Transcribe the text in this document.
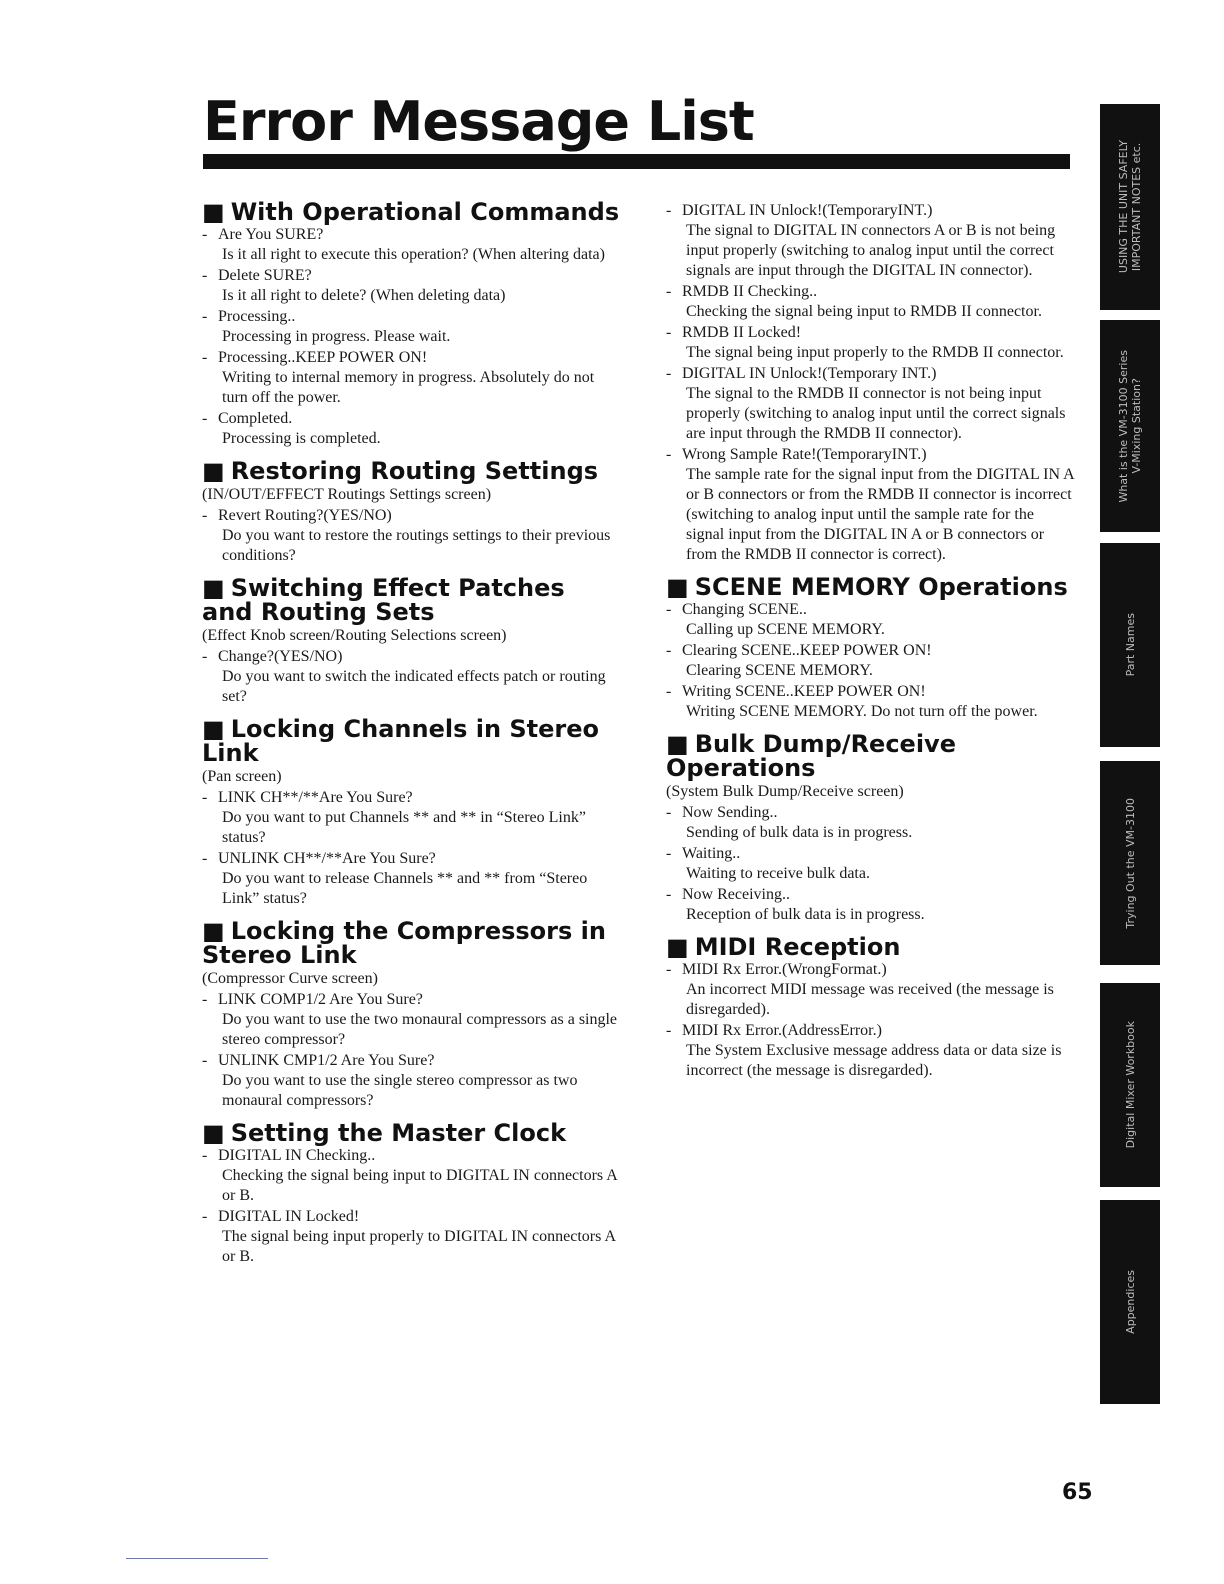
Error Message List
■ With Operational Commands
- Are You SURE?
Is it all right to execute this operation? (When altering data)
- Delete SURE?
Is it all right to delete? (When deleting data)
- Processing..
Processing in progress. Please wait.
- Processing..KEEP POWER ON!
Writing to internal memory in progress. Absolutely do not turn off the power.
- Completed.
Processing is completed.
■ Restoring Routing Settings
(IN/OUT/EFFECT Routings Settings screen)
- Revert Routing?(YES/NO)
Do you want to restore the routings settings to their previous conditions?
■ Switching Effect Patches and Routing Sets
(Effect Knob screen/Routing Selections screen)
- Change?(YES/NO)
Do you want to switch the indicated effects patch or routing set?
■ Locking Channels in Stereo Link
(Pan screen)
- LINK CH**/**Are You Sure?
Do you want to put Channels ** and ** in “Stereo Link” status?
- UNLINK CH**/**Are You Sure?
Do you want to release Channels ** and ** from “Stereo Link” status?
■ Locking the Compressors in Stereo Link
(Compressor Curve screen)
- LINK COMP1/2 Are You Sure?
Do you want to use the two monaural compressors as a single stereo compressor?
- UNLINK CMP1/2 Are You Sure?
Do you want to use the single stereo compressor as two monaural compressors?
■ Setting the Master Clock
- DIGITAL IN Checking..
Checking the signal being input to DIGITAL IN connectors A or B.
- DIGITAL IN Locked!
The signal being input properly to DIGITAL IN connectors A or B.
- DIGITAL IN Unlock!(TemporaryINT.)
The signal to DIGITAL IN connectors A or B is not being input properly (switching to analog input until the correct signals are input through the DIGITAL IN connector).
- RMDB II Checking..
Checking the signal being input to RMDB II connector.
- RMDB II Locked!
The signal being input properly to the RMDB II connector.
- DIGITAL IN Unlock!(Temporary INT.)
The signal to the RMDB II connector is not being input properly (switching to analog input until the correct signals are input through the RMDB II connector).
- Wrong Sample Rate!(TemporaryINT.)
The sample rate for the signal input from the DIGITAL IN A or B connectors or from the RMDB II connector is incorrect (switching to analog input until the sample rate for the signal input from the DIGITAL IN A or B connectors or from the RMDB II connector is correct).
■ SCENE MEMORY Operations
- Changing SCENE..
Calling up SCENE MEMORY.
- Clearing SCENE..KEEP POWER ON!
Clearing SCENE MEMORY.
- Writing SCENE..KEEP POWER ON!
Writing SCENE MEMORY. Do not turn off the power.
■ Bulk Dump/Receive Operations
(System Bulk Dump/Receive screen)
- Now Sending..
Sending of bulk data is in progress.
- Waiting..
Waiting to receive bulk data.
- Now Receiving..
Reception of bulk data is in progress.
■ MIDI Reception
- MIDI Rx Error.(WrongFormat.)
An incorrect MIDI message was received (the message is disregarded).
- MIDI Rx Error.(AddressError.)
The System Exclusive message address data or data size is incorrect (the message is disregarded).
USING THE UNIT SAFELY
IMPORTANT NOTES etc.
What is the VM-3100 Series
V-Mixing Station?
Part Names
Trying Out the VM-3100
Digital Mixer Workbook
Appendices
65
